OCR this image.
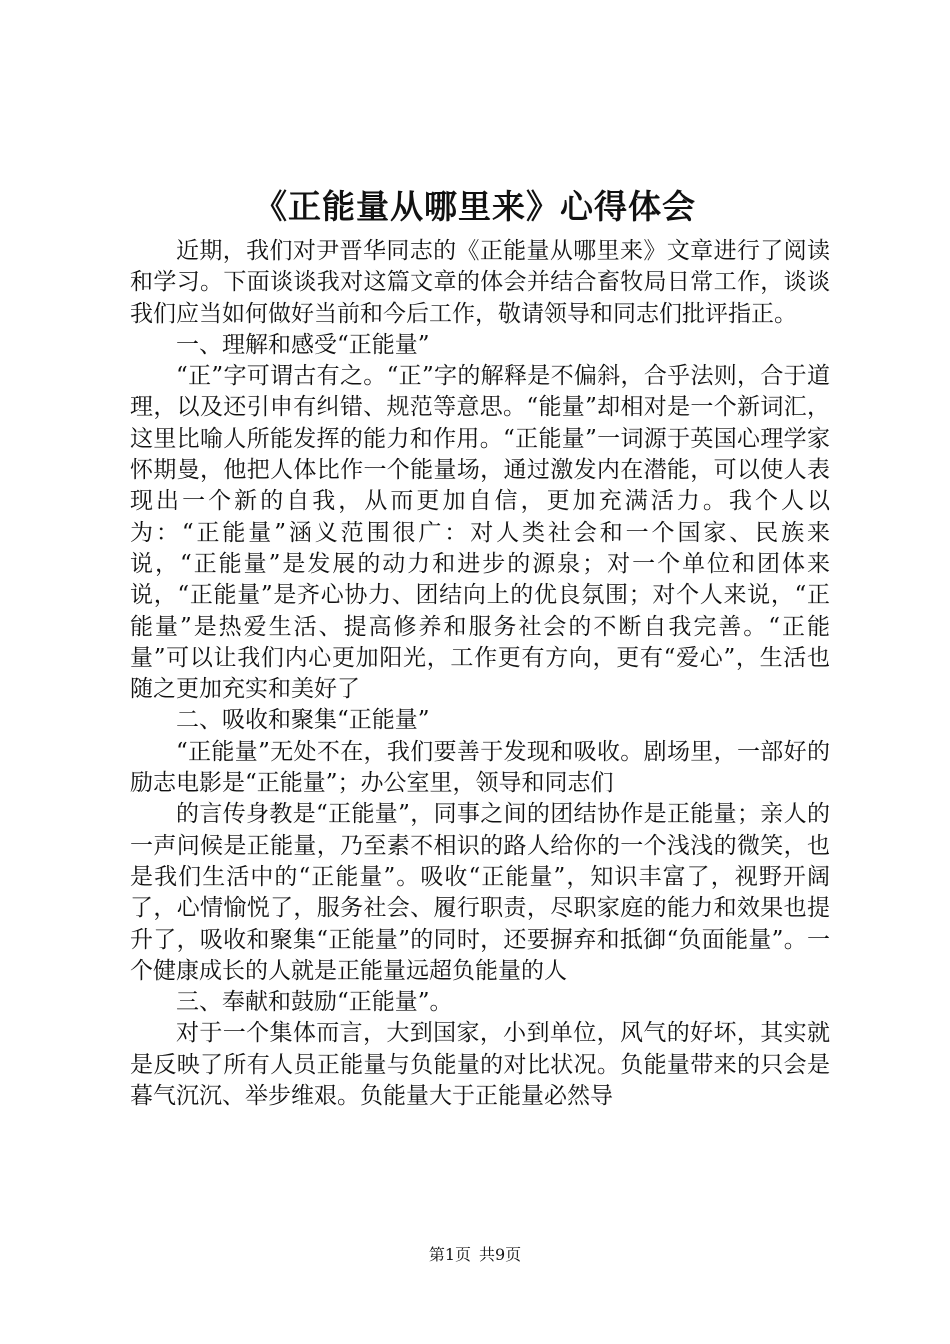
《正能量从哪里来》心得体会

近期，我们对尹晋华同志的《正能量从哪里来》文章进行了阅读和学习。下面谈谈我对这篇文章的体会并结合畜牧局日常工作，谈谈我们应当如何做好当前和今后工作，敬请领导和同志们批评指正。

一、理解和感受“正能量”

“正”字可谓古有之。“正”字的解释是不偏斜，合乎法则，合于道理，以及还引申有纠错、规范等意思。“能量”却相对是一个新词汇，这里比喻人所能发挥的能力和作用。“正能量”一词源于英国心理学家怀期曼，他把人体比作一个能量场，通过激发内在潜能，可以使人表现出一个新的自我，从而更加自信，更加充满活力。我个人以为：“正能量”涵义范围很广：对人类社会和一个国家、民族来说，“正能量”是发展的动力和进步的源泉；对一个单位和团体来说，“正能量”是齐心协力、团结向上的优良氛围；对个人来说，“正能量”是热爱生活、提高修养和服务社会的不断自我完善。“正能量”可以让我们内心更加阳光，工作更有方向，更有“爱心”，生活也随之更加充实和美好了

二、吸收和聚集“正能量”

“正能量”无处不在，我们要善于发现和吸收。剧场里，一部好的励志电影是“正能量”；办公室里，领导和同志们

的言传身教是“正能量”，同事之间的团结协作是正能量；亲人的一声问候是正能量，乃至素不相识的路人给你的一个浅浅的微笑，也是我们生活中的“正能量”。吸收“正能量”，知识丰富了，视野开阔了，心情愉悦了，服务社会、履行职责，尽职家庭的能力和效果也提升了，吸收和聚集“正能量”的同时，还要摒弃和抵御“负面能量”。一个健康成长的人就是正能量远超负能量的人

三、奉献和鼓励“正能量”。

对于一个集体而言，大到国家，小到单位，风气的好坏，其实就是反映了所有人员正能量与负能量的对比状况。负能量带来的只会是暮气沉沉、举步维艰。负能量大于正能量必然导

第1页 共9页
